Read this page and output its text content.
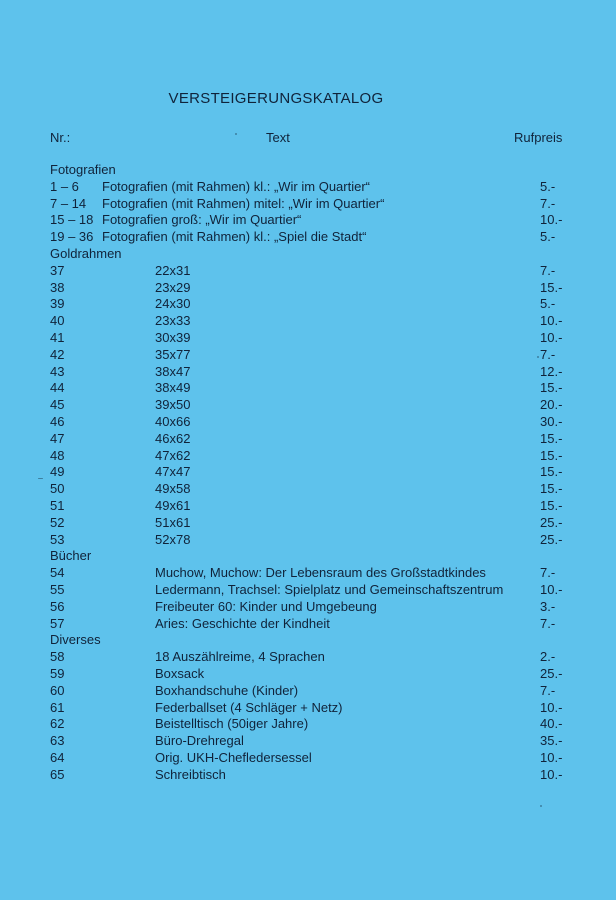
VERSTEIGERUNGSKATALOG
Nr.:	Text	Rufpreis
Fotografien
1 – 6 Fotografien (mit Rahmen) kl.: „Wir im Quartier“	5.-
7 – 14 Fotografien (mit Rahmen) mitel: „Wir im Quartier“	7.-
15 – 18 Fotografien groß: „Wir im Quartier“	10.-
19 – 36 Fotografien (mit Rahmen) kl.: „Spiel die Stadt“	5.-
Goldrahmen
37	22x31	7.-
38	23x29	15.-
39	24x30	5.-
40	23x33	10.-
41	30x39	10.-
42	35x77	7.-
43	38x47	12.-
44	38x49	15.-
45	39x50	20.-
46	40x66	30.-
47	46x62	15.-
48	47x62	15.-
49	47x47	15.-
50	49x58	15.-
51	49x61	15.-
52	51x61	25.-
53	52x78	25.-
Bücher
54	Muchow, Muchow: Der Lebensraum des Großstadtkindes	7.-
55	Ledermann, Trachsel: Spielplatz und Gemeinschaftszentrum	10.-
56	Freibeuter 60: Kinder und Umgebeung	3.-
57	Aries: Geschichte der Kindheit	7.-
Diverses
58	18 Auszählreime, 4 Sprachen	2.-
59	Boxsack	25.-
60	Boxhandschuhe (Kinder)	7.-
61	Federballset (4 Schläger + Netz)	10.-
62	Beistelltisch (50iger Jahre)	40.-
63	Büro-Drehregal	35.-
64	Orig. UKH-Chefledersessel	10.-
65	Schreibtisch	10.-
